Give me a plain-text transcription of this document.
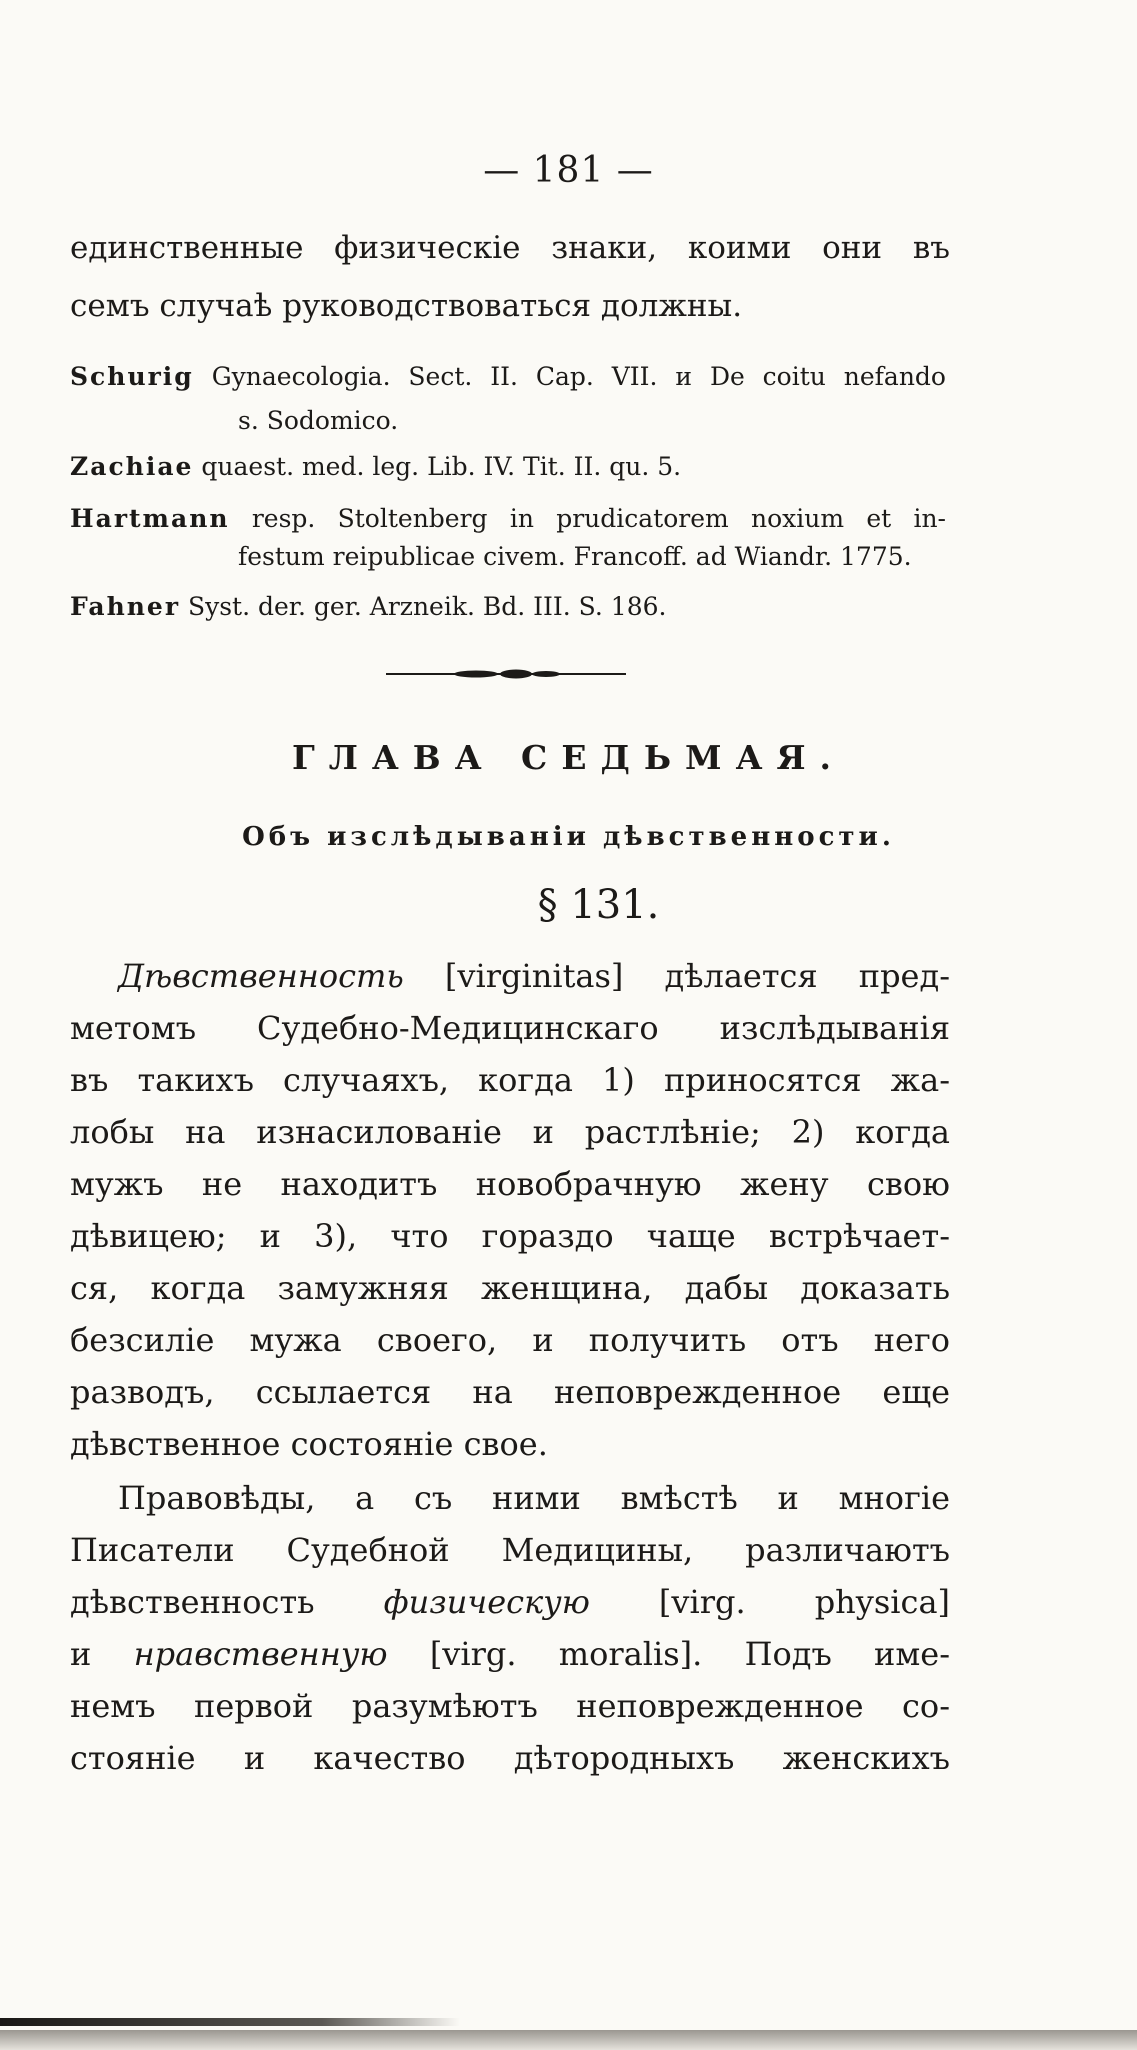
— 181 —
единственные физическіе знаки, коими они въ
семъ случаѣ руководствоваться должны.
Schurig Gynaecologia. Sect. II. Cap. VII. и De coitu nefando
s. Sodomico.
Zachiae quaest. med. leg. Lib. IV. Tit. II. qu. 5.
Hartmann resp. Stoltenberg in prudicatorem noxium et in-
festum reipublicae civem. Francoff. ad Wiandr. 1775.
Fahner Syst. der. ger. Arzneik. Bd. III. S. 186.
ГЛАВА СЕДЬМАЯ.
Объ изслѣдываніи дѣвственности.
§ 131.
Дѣвственность [virginitas] дѣлается пред-
метомъ Судебно-Медицинскаго изслѣдыванія
въ такихъ случаяхъ, когда 1) приносятся жа-
лобы на изнасилованіе и растлѣніе; 2) когда
мужъ не находитъ новобрачную жену свою
дѣвицею; и 3), что гораздо чаще встрѣчает-
ся, когда замужняя женщина, дабы доказать
безсиліе мужа своего, и получить отъ него
разводъ, ссылается на неповрежденное еще
дѣвственное состояніе свое.
Правовѣды, а съ ними вмѣстѣ и многіе
Писатели Судебной Медицины, различаютъ
дѣвственность физическую [virg. physica]
и нравственную [virg. moralis]. Подъ име-
немъ первой разумѣютъ неповрежденное со-
стояніе и качество дѣтородныхъ женскихъ
